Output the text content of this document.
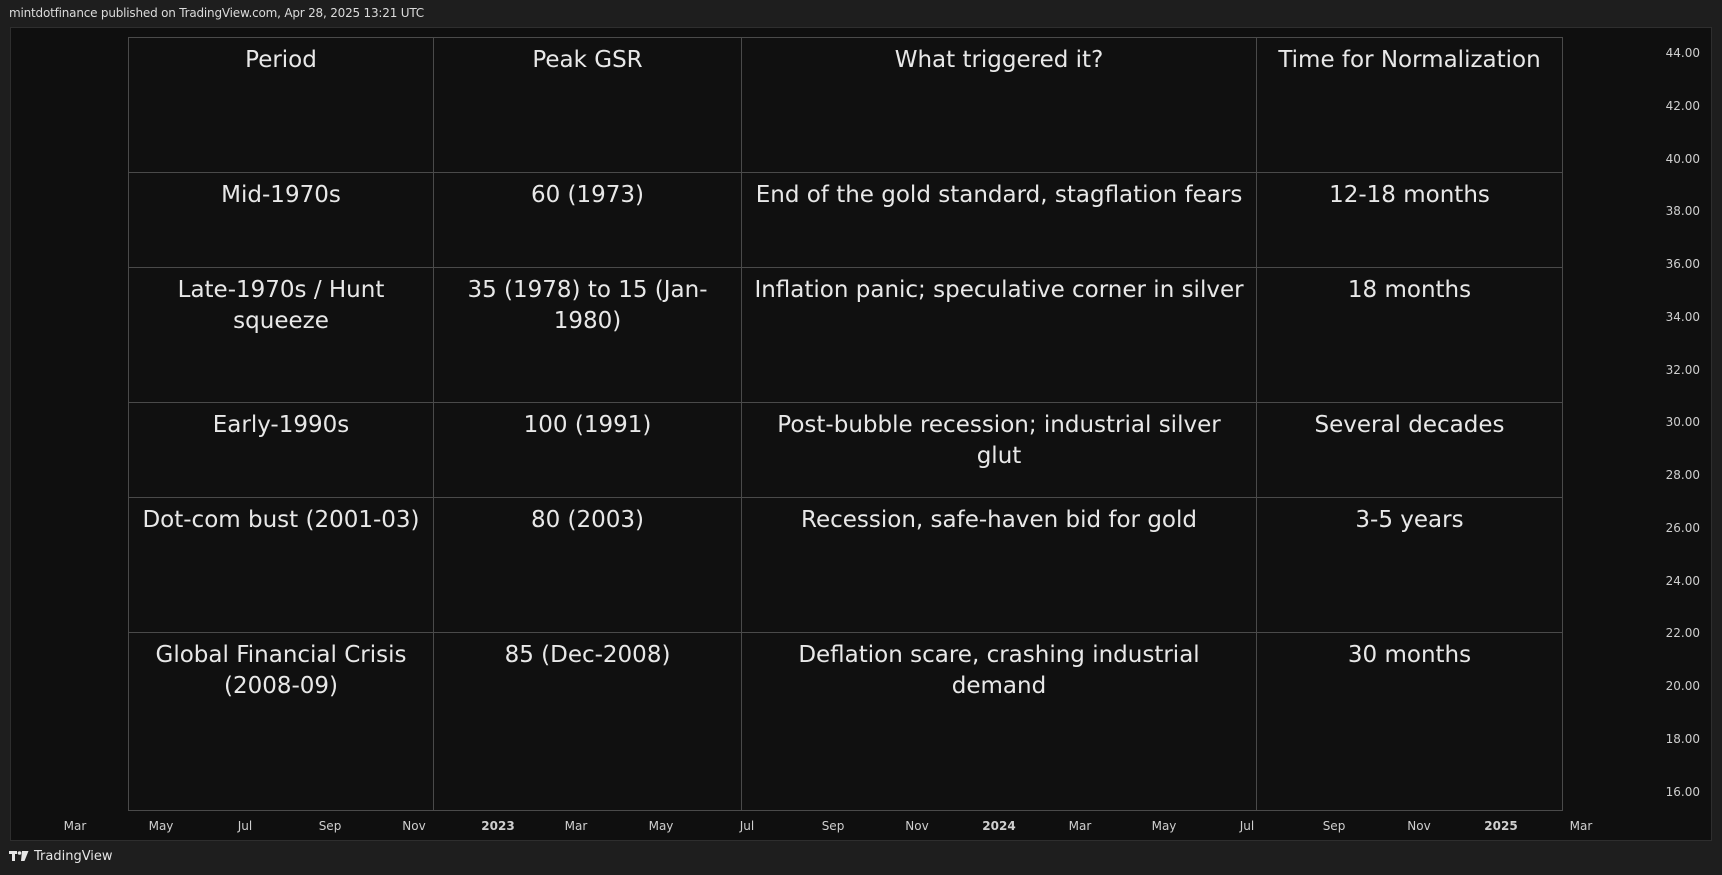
mintdotfinance published on TradingView.com, Apr 28, 2025 13:21 UTC
Period	Peak GSR	What triggered it?	Time for Normalization
Mid-1970s	60 (1973)	End of the gold standard, stagflation fears	12-18 months
Late-1970s / Hunt squeeze	35 (1978) to 15 (Jan-1980)	Inflation panic; speculative corner in silver	18 months
Early-1990s	100 (1991)	Post-bubble recession; industrial silver glut	Several decades
Dot-com bust (2001-03)	80 (2003)	Recession, safe-haven bid for gold	3-5 years
Global Financial Crisis (2008-09)	85 (Dec-2008)	Deflation scare, crashing industrial demand	30 months
44.00
42.00
40.00
38.00
36.00
34.00
32.00
30.00
28.00
26.00
24.00
22.00
20.00
18.00
16.00
Mar	May	Jul	Sep	Nov	2023	Mar	May	Jul	Sep	Nov	2024	Mar	May	Jul	Sep	Nov	2025	Mar
TradingView
